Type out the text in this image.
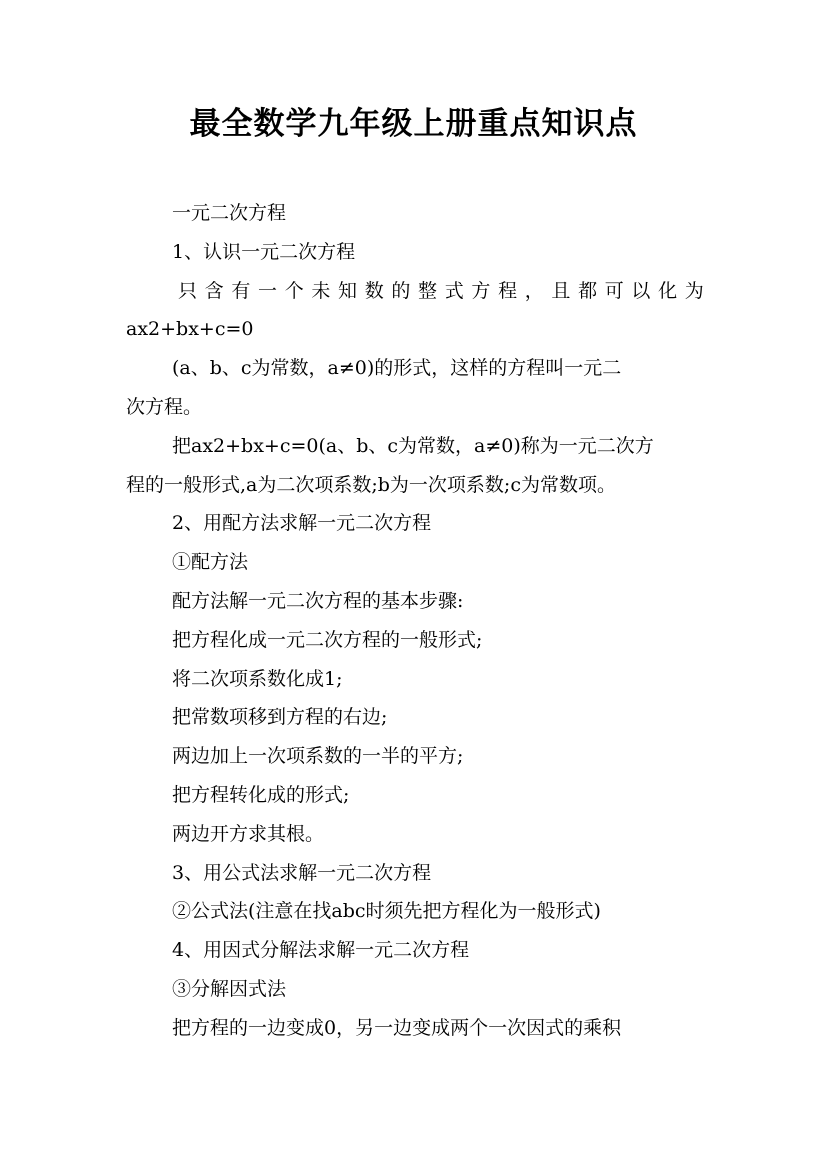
最全数学九年级上册重点知识点
一元二次方程
1、认识一元二次方程
只 含 有 一 个 未 知 数 的 整 式 方 程 ， 且 都 可 以 化 为
ax2+bx+c=0
(a、b、c为常数，a≠0)的形式，这样的方程叫一元二
次方程。
把ax2+bx+c=0(a、b、c为常数，a≠0)称为一元二次方
程的一般形式,a为二次项系数;b为一次项系数;c为常数项。
2、用配方法求解一元二次方程
①配方法
配方法解一元二次方程的基本步骤:
把方程化成一元二次方程的一般形式;
将二次项系数化成1;
把常数项移到方程的右边;
两边加上一次项系数的一半的平方;
把方程转化成的形式;
两边开方求其根。
3、用公式法求解一元二次方程
②公式法(注意在找abc时须先把方程化为一般形式)
4、用因式分解法求解一元二次方程
③分解因式法
把方程的一边变成0，另一边变成两个一次因式的乘积
